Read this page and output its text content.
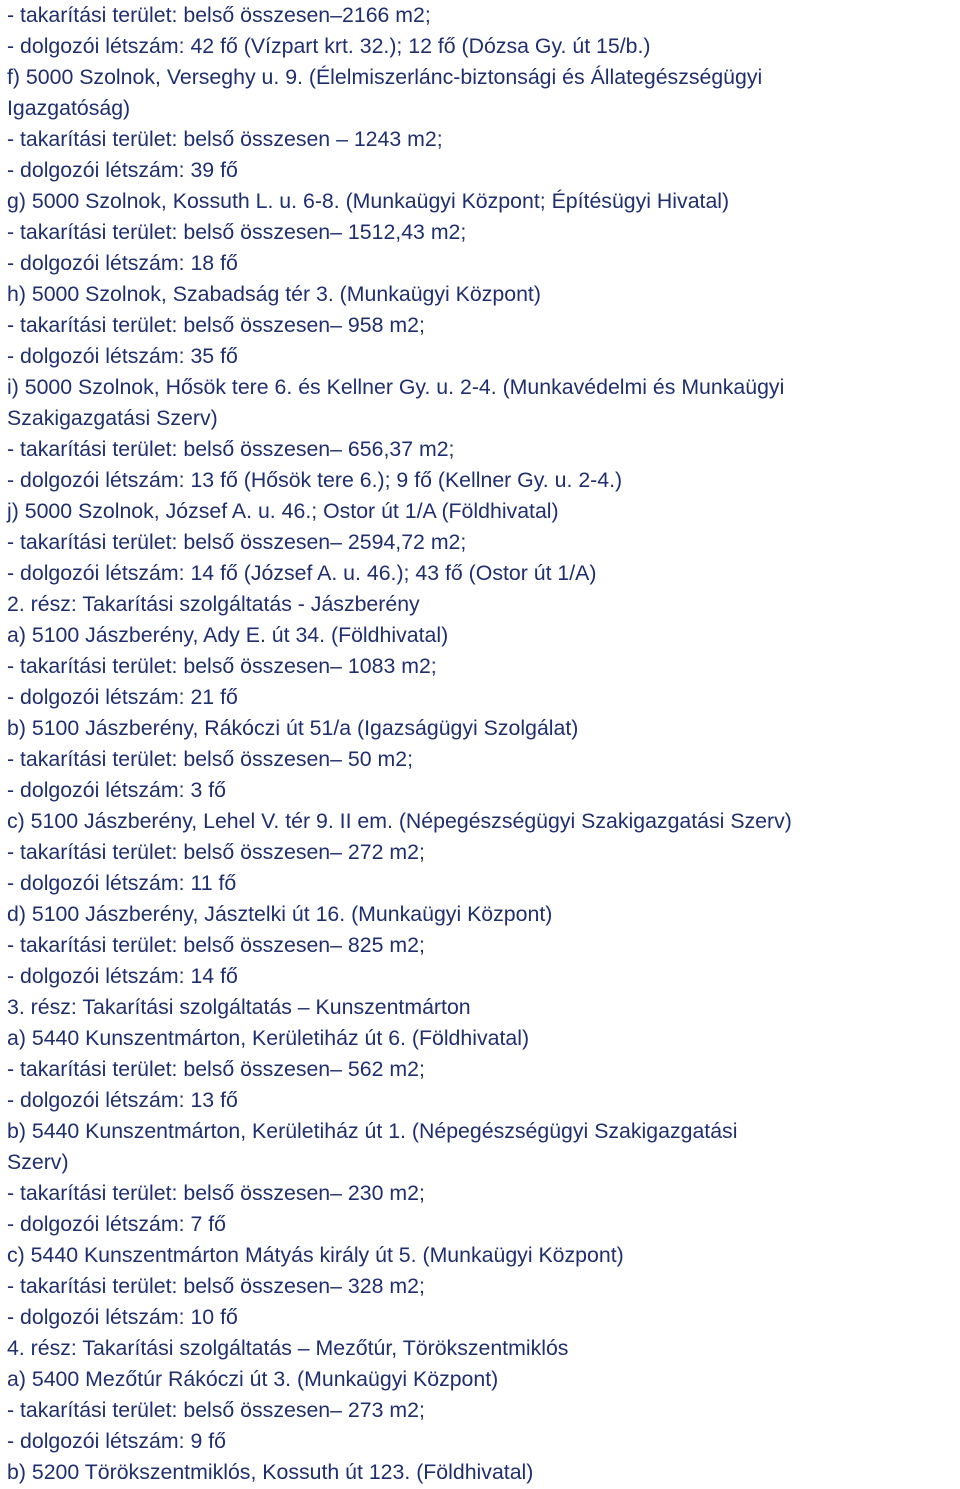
- takarítási terület: belső összesen–2166 m2;
- dolgozói létszám: 42 fő (Vízpart krt. 32.); 12 fő (Dózsa Gy. út 15/b.)
f) 5000 Szolnok, Verseghy u. 9. (Élelmiszerlánc-biztonsági és Állategészségügyi
Igazgatóság)
- takarítási terület: belső összesen – 1243 m2;
- dolgozói létszám: 39 fő
g) 5000 Szolnok, Kossuth L. u. 6-8. (Munkaügyi Központ; Építésügyi Hivatal)
- takarítási terület: belső összesen– 1512,43 m2;
- dolgozói létszám: 18 fő
h) 5000 Szolnok, Szabadság tér 3. (Munkaügyi Központ)
- takarítási terület: belső összesen– 958 m2;
- dolgozói létszám: 35 fő
i) 5000 Szolnok, Hősök tere 6. és Kellner Gy. u. 2-4. (Munkavédelmi és Munkaügyi
Szakigazgatási Szerv)
- takarítási terület: belső összesen– 656,37 m2;
- dolgozói létszám: 13 fő (Hősök tere 6.); 9 fő (Kellner Gy. u. 2-4.)
j) 5000 Szolnok, József A. u. 46.; Ostor út 1/A (Földhivatal)
- takarítási terület: belső összesen– 2594,72 m2;
- dolgozói létszám: 14 fő (József A. u. 46.); 43 fő (Ostor út 1/A)
2. rész: Takarítási szolgáltatás - Jászberény
a) 5100 Jászberény, Ady E. út 34. (Földhivatal)
- takarítási terület: belső összesen– 1083 m2;
- dolgozói létszám: 21 fő
b) 5100 Jászberény, Rákóczi út 51/a (Igazságügyi Szolgálat)
- takarítási terület: belső összesen– 50 m2;
- dolgozói létszám: 3 fő
c) 5100 Jászberény, Lehel V. tér 9. II em. (Népegészségügyi Szakigazgatási Szerv)
- takarítási terület: belső összesen– 272 m2;
- dolgozói létszám: 11 fő
d) 5100 Jászberény, Jásztelki út 16. (Munkaügyi Központ)
- takarítási terület: belső összesen– 825 m2;
- dolgozói létszám: 14 fő
3. rész: Takarítási szolgáltatás – Kunszentmárton
a) 5440 Kunszentmárton, Kerületiház út 6. (Földhivatal)
- takarítási terület: belső összesen– 562 m2;
- dolgozói létszám: 13 fő
b) 5440 Kunszentmárton, Kerületiház út 1. (Népegészségügyi Szakigazgatási
Szerv)
- takarítási terület: belső összesen– 230 m2;
- dolgozói létszám: 7 fő
c) 5440 Kunszentmárton Mátyás király út 5. (Munkaügyi Központ)
- takarítási terület: belső összesen– 328 m2;
- dolgozói létszám: 10 fő
4. rész: Takarítási szolgáltatás – Mezőtúr, Törökszentmiklós
a) 5400 Mezőtúr Rákóczi út 3. (Munkaügyi Központ)
- takarítási terület: belső összesen– 273 m2;
- dolgozói létszám: 9 fő
b) 5200 Törökszentmiklós, Kossuth út 123. (Földhivatal)
